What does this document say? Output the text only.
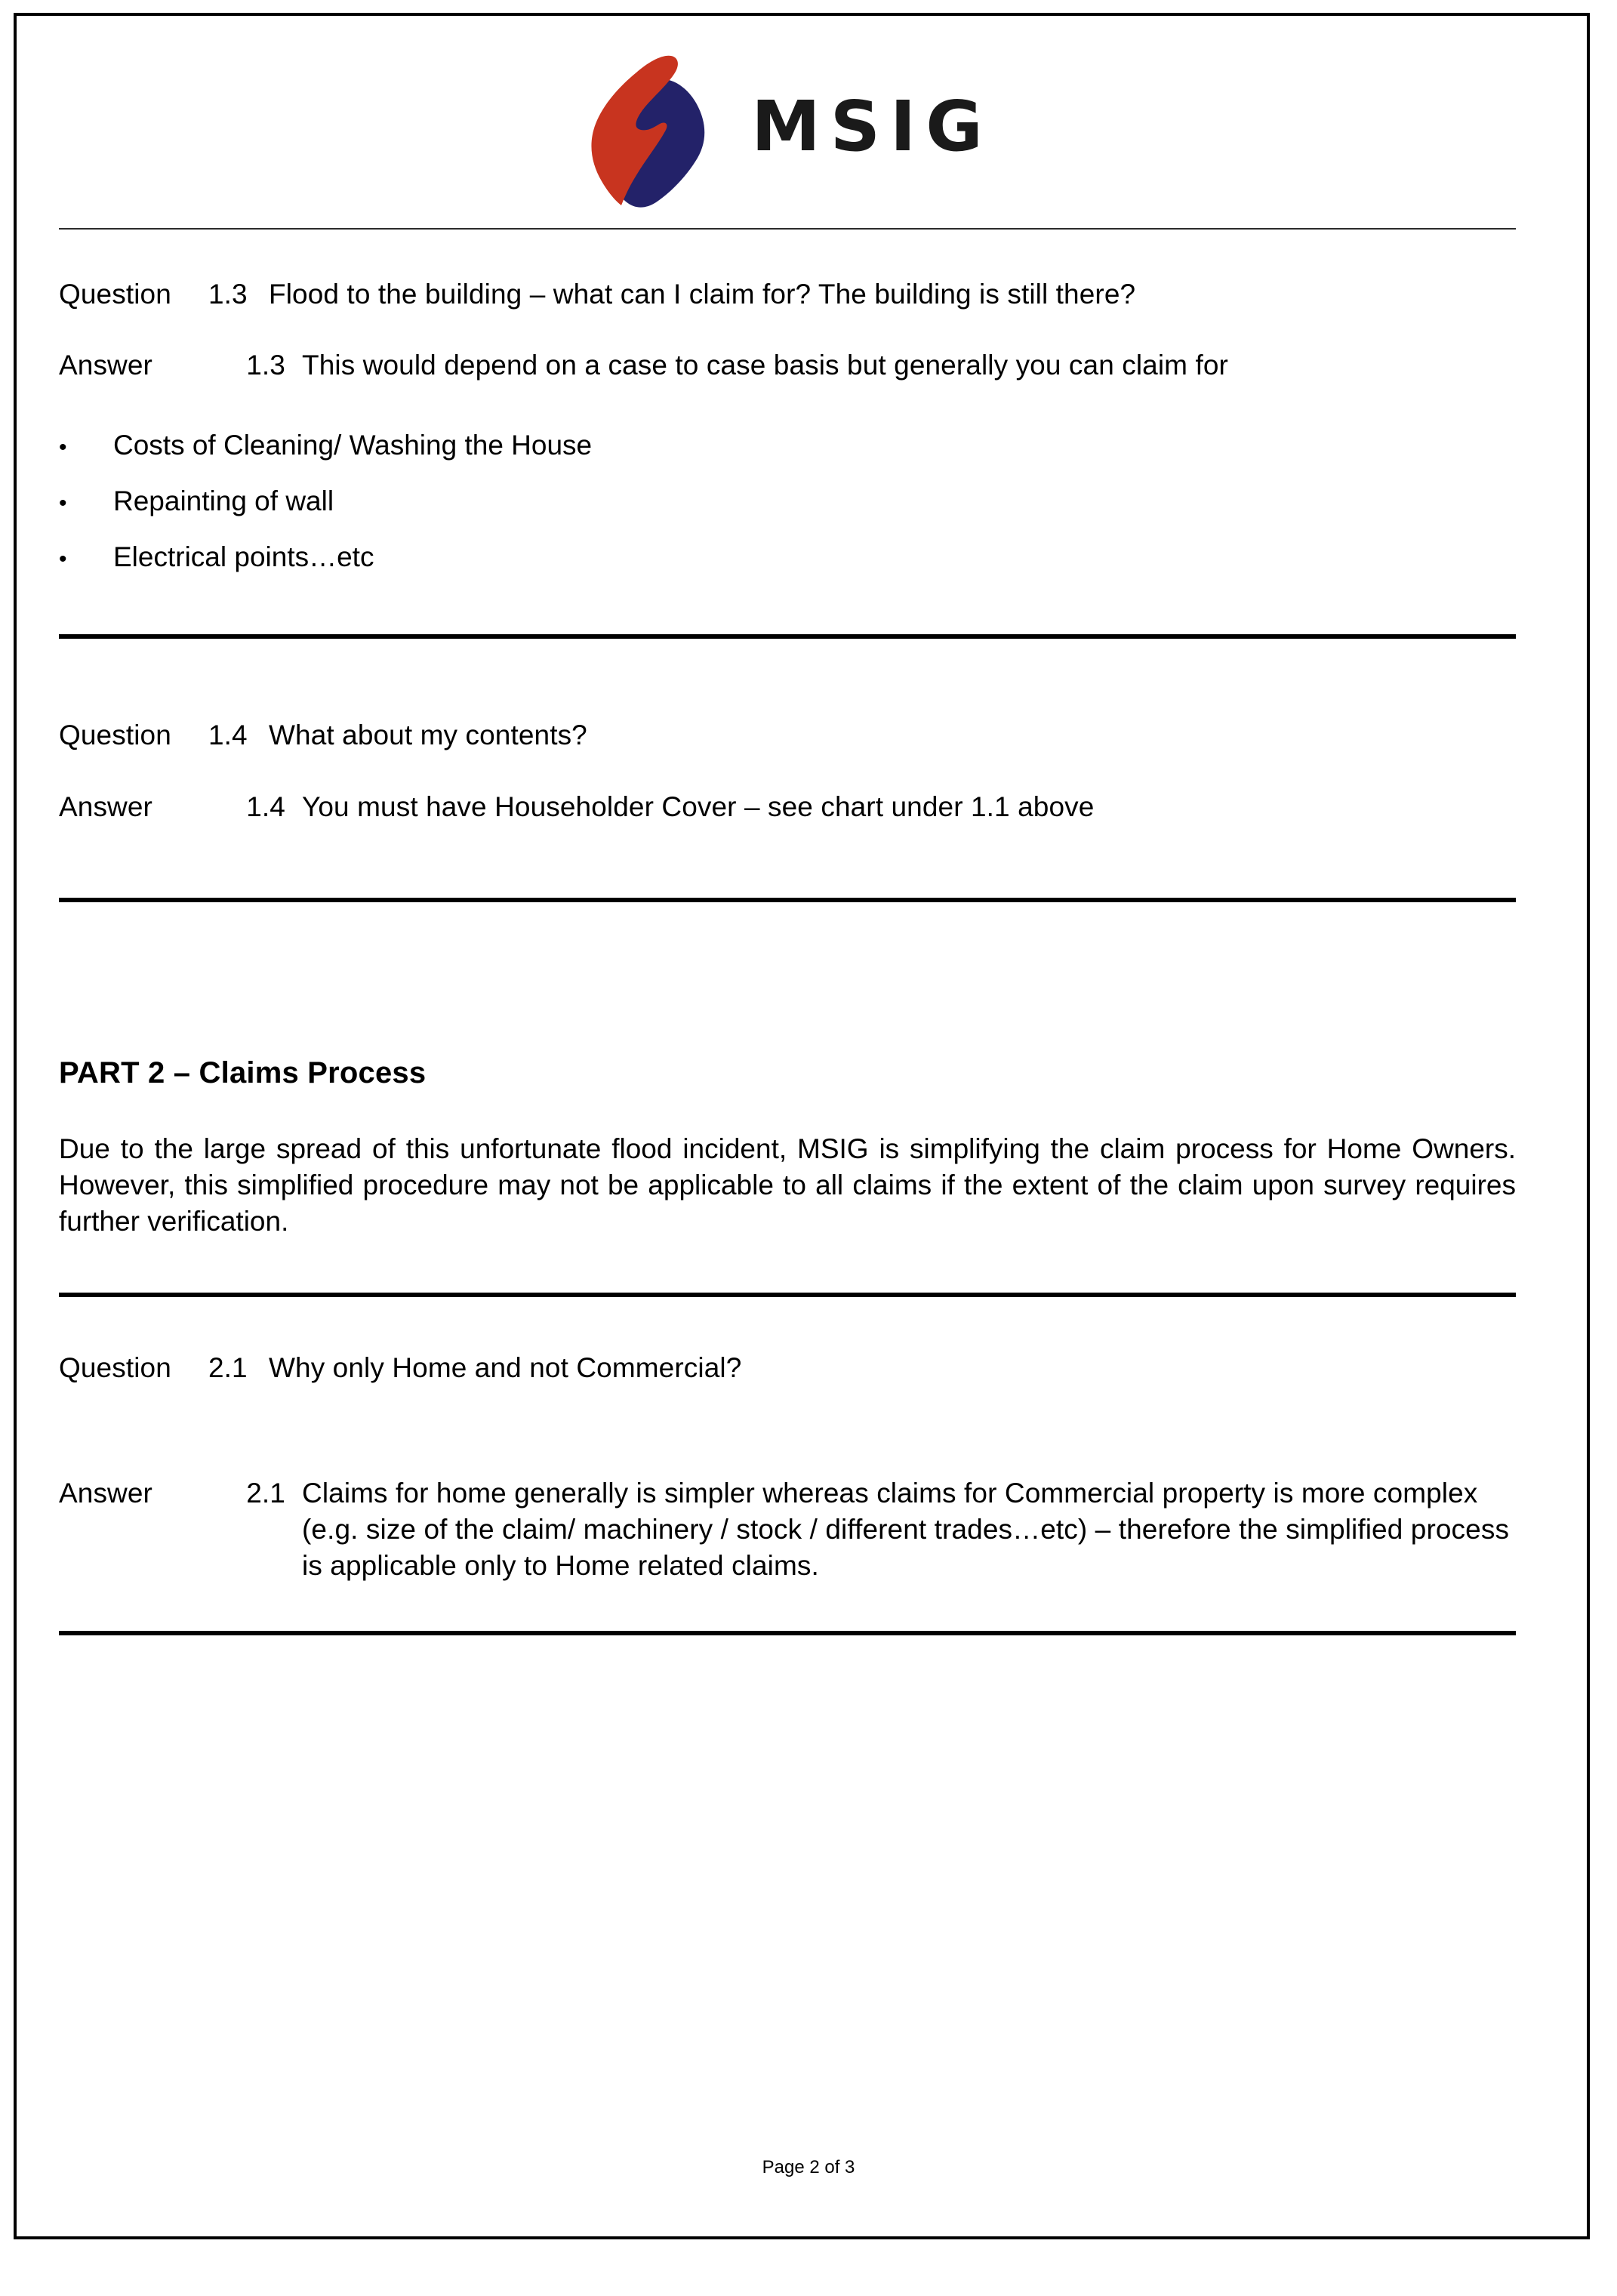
MSIG
Question	1.3 Flood to the building – what can I claim for? The building is still there?
Answer	1.3 This would depend on a case to case basis but generally you can claim for
•	Costs of Cleaning/ Washing the House
•	Repainting of wall
•	Electrical points…etc
Question	1.4 What about my contents?
Answer	1.4 You must have Householder Cover – see chart under 1.1 above
PART 2 – Claims Process

Due to the large spread of this unfortunate flood incident, MSIG is simplifying the claim process for Home Owners. However, this simplified procedure may not be applicable to all claims if the extent of the claim upon survey requires further verification.

Question	2.1 Why only Home and not Commercial?
Answer	2.1 Claims for home generally is simpler whereas claims for Commercial property is more complex (e.g. size of the claim/ machinery / stock / different trades…etc) – therefore the simplified process is applicable only to Home related claims.
Page 2 of 3
